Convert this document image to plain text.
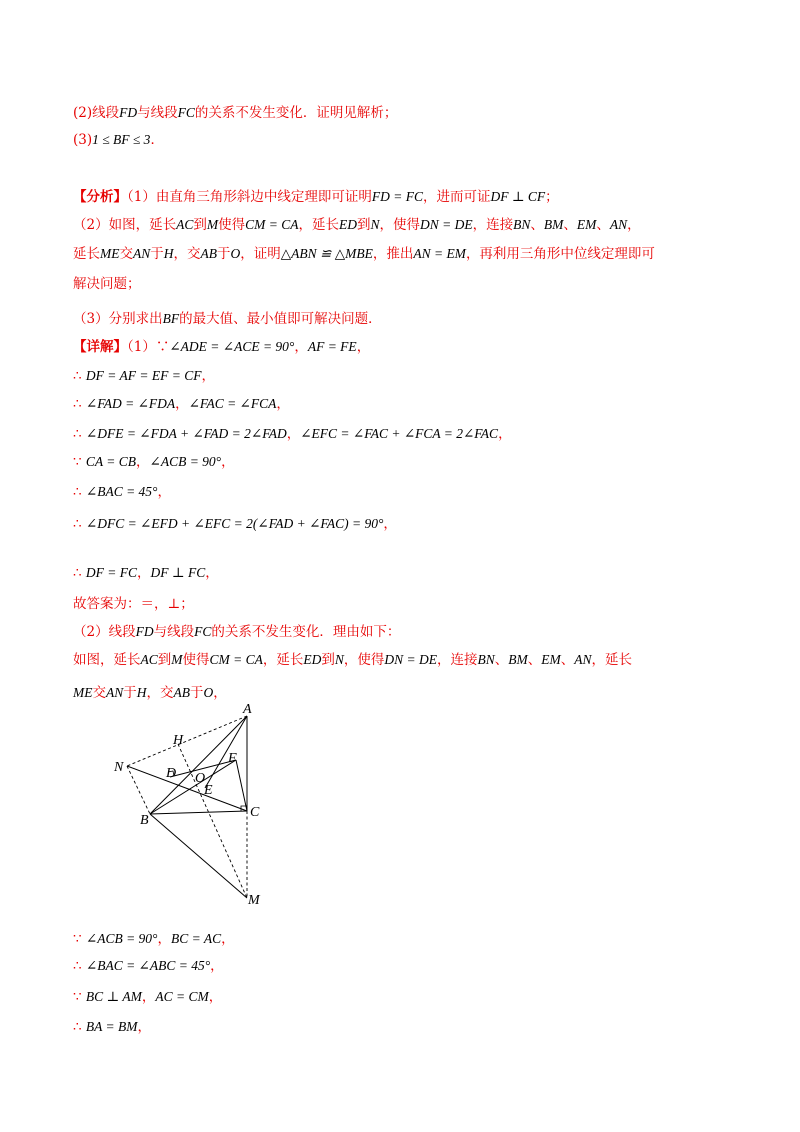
(2)线段FD与线段FC的关系不发生变化．证明见解析；
(3)1 ≤ BF ≤ 3．
【分析】（1）由直角三角形斜边中线定理即可证明FD = FC，进而可证DF ⊥ CF；
（2）如图，延长AC到M使得CM = CA，延长ED到N，使得DN = DE，连接BN、BM、EM、AN，
延长ME交AN于H，交AB于O，证明△ABN ≌ △MBE，推出AN = EM，再利用三角形中位线定理即可
解决问题；
（3）分别求出BF的最大值、最小值即可解决问题．
【详解】（1）∵∠ADE = ∠ACE = 90°，AF = FE，
∴ DF = AF = EF = CF，
∴ ∠FAD = ∠FDA，∠FAC = ∠FCA，
∴ ∠DFE = ∠FDA + ∠FAD = 2∠FAD，∠EFC = ∠FAC + ∠FCA = 2∠FAC，
∵ CA = CB，∠ACB = 90°，
∴ ∠BAC = 45°，
∴ ∠DFC = ∠EFD + ∠EFC = 2(∠FAD + ∠FAC) = 90°，
∴ DF = FC，DF ⊥ FC，
故答案为：＝，⊥；
（2）线段FD与线段FC的关系不发生变化．理由如下：
如图，延长AC到M使得CM = CA，延长ED到N，使得DN = DE，连接BN、BM、EM、AN，延长
ME交AN于H，交AB于O，
∵ ∠ACB = 90°，BC = AC，
∴ ∠BAC = ∠ABC = 45°，
∵ BC ⊥ AM，AC = CM，
∴ BA = BM，
A
H
N
F
D O
E
B
C
M
